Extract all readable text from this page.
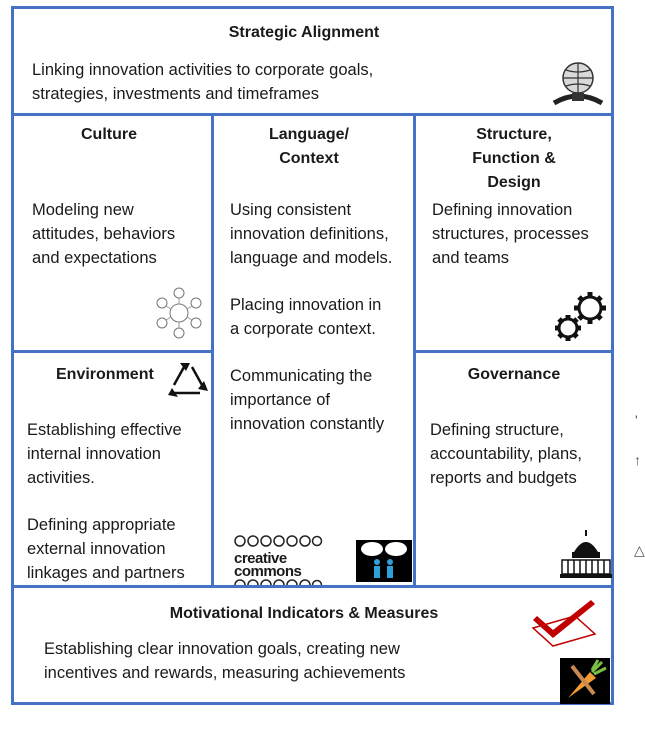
Strategic Alignment
Linking innovation activities to corporate goals,
strategies, investments and timeframes
Culture
Modeling new
attitudes, behaviors
and expectations
Language/
Context
Using consistent
innovation definitions,
language and models.
Placing innovation in
a corporate context.
Communicating the
importance of
innovation constantly
creative
commons
Structure,
Function &
Design
Defining innovation
structures, processes
and teams
Environment
Establishing effective
internal innovation
activities.
Defining appropriate
external innovation
linkages and partners
Governance
Defining structure,
accountability, plans,
reports and budgets
Motivational Indicators & Measures
Establishing clear innovation goals, creating new
incentives and rewards, measuring achievements
'
↑
△
